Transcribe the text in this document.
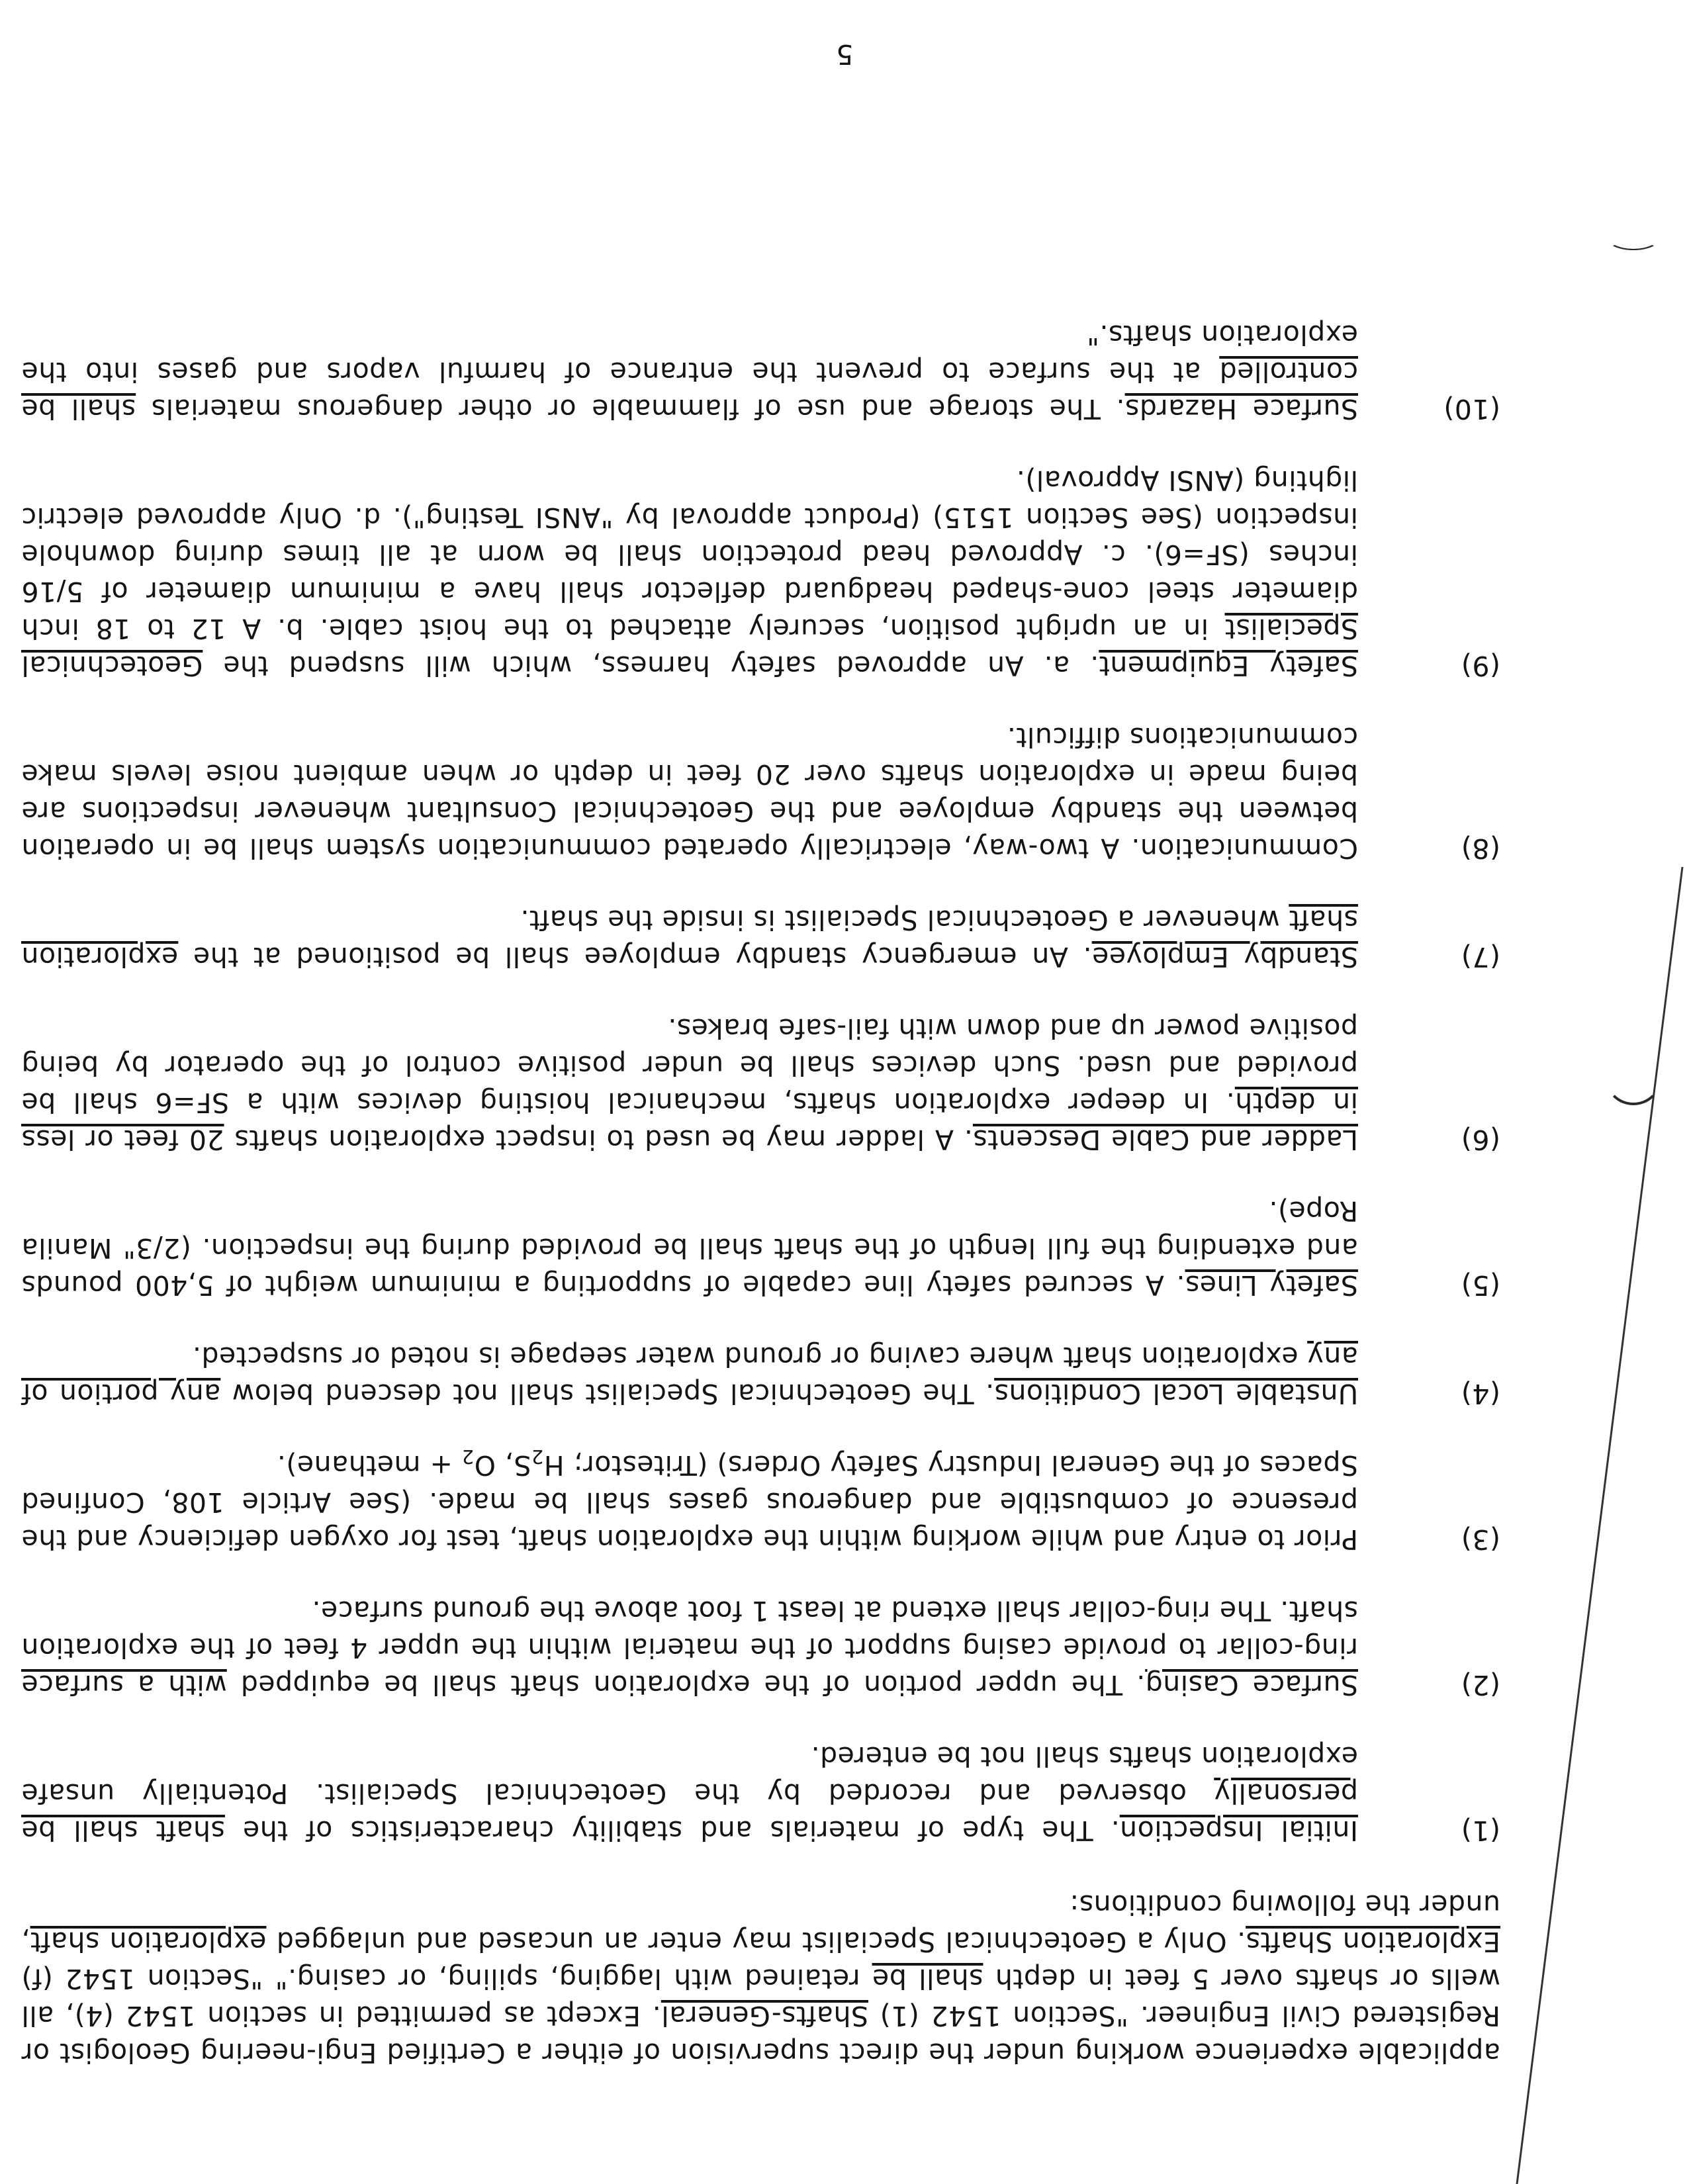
applicable experience working under the direct supervision of either a Certified Engi-neering Geologist or Registered Civil Engineer. "Section 1542 (1) Shafts-General. Except as permitted in section 1542 (4), all wells or shafts over 5 feet in depth shall be retained with lagging, spiling, or casing." "Section 1542 (f) Exploration Shafts. Only a Geotechnical Specialist may enter an uncased and unlagged exploration shaft, under the following conditions:

(1)

Initial Inspection. The type of materials and stability characteristics of the shaft shall be personally observed and recorded by the Geotechnical Specialist. Potentially unsafe exploration shafts shall not be entered.

(2)

Surface Casing. The upper portion of the exploration shaft shall be equipped with a surface ring-collar to provide casing support of the material within the upper 4 feet of the exploration shaft. The ring-collar shall extend at least 1 foot above the ground surface.

(3)

Prior to entry and while working within the exploration shaft, test for oxygen deficiency and the presence of combustible and dangerous gases shall be made. (See Article 108, Confined Spaces of the General Industry Safety Orders) (Tritestor; $H_2S$, $O_2$ + methane).

(4)

Unstable Local Conditions. The Geotechnical Specialist shall not descend below any portion of any exploration shaft where caving or ground water seepage is noted or suspected.

(5)

Safety Lines. A secured safety line capable of supporting a minimum weight of 5,400 pounds and extending the full length of the shaft shall be provided during the inspection. (2/3" Manila Rope).

(6)

Ladder and Cable Descents. A ladder may be used to inspect exploration shafts 20 feet or less in depth. In deeper exploration shafts, mechanical hoisting devices with a SF=6 shall be provided and used. Such devices shall be under positive control of the operator by being positive power up and down with fail-safe brakes.

(7)

Standby Employee. An emergency standby employee shall be positioned at the exploration shaft whenever a Geotechnical Specialist is inside the shaft.

(8)

Communication. A two-way, electrically operated communication system shall be in operation between the standby employee and the Geotechnical Consultant whenever inspections are being made in exploration shafts over 20 feet in depth or when ambient noise levels make communications difficult.

(9)

Safety Equipment. a. An approved safety harness, which will suspend the Geotechnical Specialist in an upright position, securely attached to the hoist cable. b. A 12 to 18 inch diameter steel cone-shaped headguard deflector shall have a minimum diameter of 5/16 inches (SF=6). c. Approved head protection shall be worn at all times during downhole inspection (See Section 1515) (Product approval by "ANSI Testing"). d. Only approved electric lighting (ANSI Approval).

(10)

Surface Hazards. The storage and use of flammable or other dangerous materials shall be controlled at the surface to prevent the entrance of harmful vapors and gases into the exploration shafts."

5
